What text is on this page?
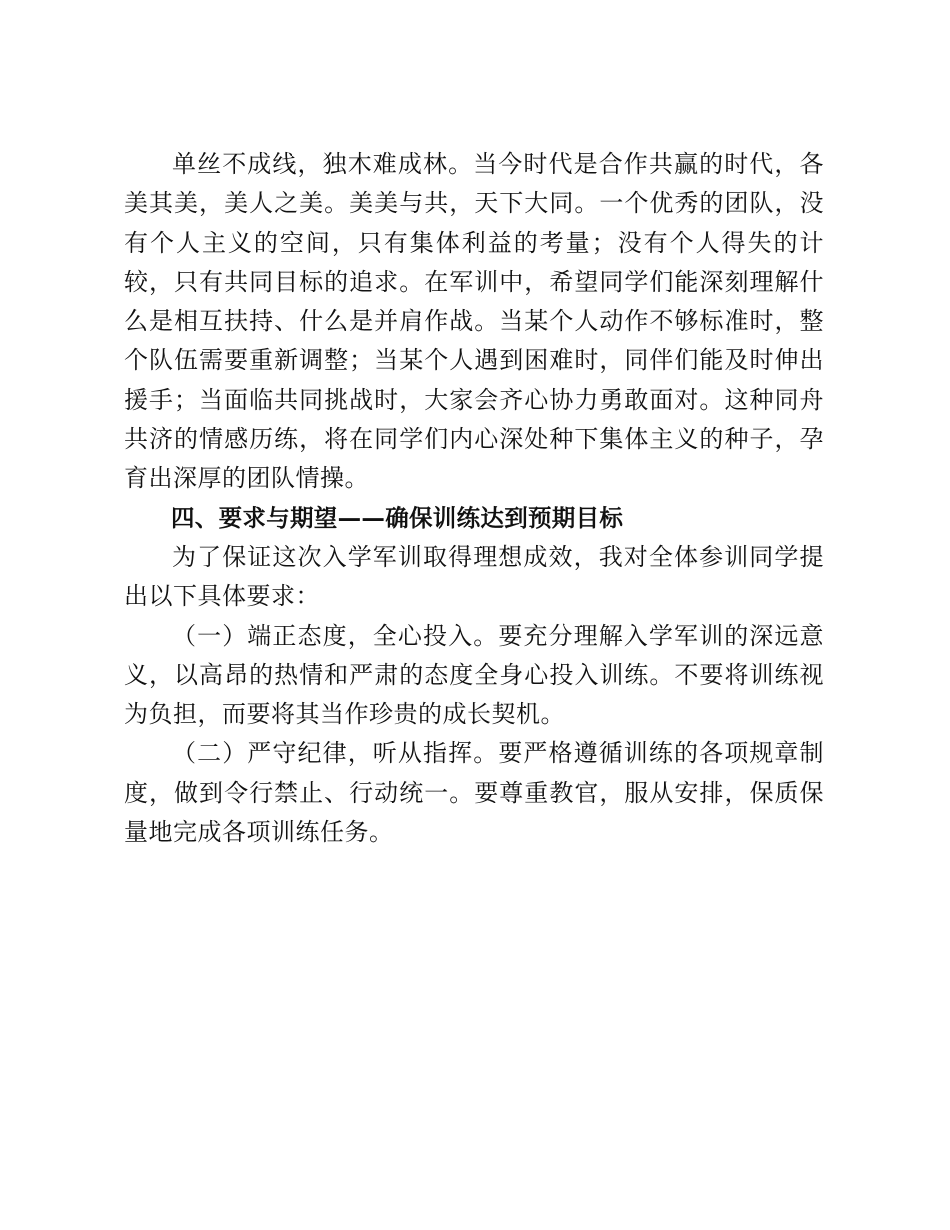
单丝不成线，独木难成林。当今时代是合作共赢的时代，各美其美，美人之美。美美与共，天下大同。一个优秀的团队，没有个人主义的空间，只有集体利益的考量；没有个人得失的计较，只有共同目标的追求。在军训中，希望同学们能深刻理解什么是相互扶持、什么是并肩作战。当某个人动作不够标准时，整个队伍需要重新调整；当某个人遇到困难时，同伴们能及时伸出援手；当面临共同挑战时，大家会齐心协力勇敢面对。这种同舟共济的情感历练，将在同学们内心深处种下集体主义的种子，孕育出深厚的团队情操。

四、要求与期望——确保训练达到预期目标

为了保证这次入学军训取得理想成效，我对全体参训同学提出以下具体要求：

（一）端正态度，全心投入。要充分理解入学军训的深远意义，以高昂的热情和严肃的态度全身心投入训练。不要将训练视为负担，而要将其当作珍贵的成长契机。

（二）严守纪律，听从指挥。要严格遵循训练的各项规章制度，做到令行禁止、行动统一。要尊重教官，服从安排，保质保量地完成各项训练任务。
